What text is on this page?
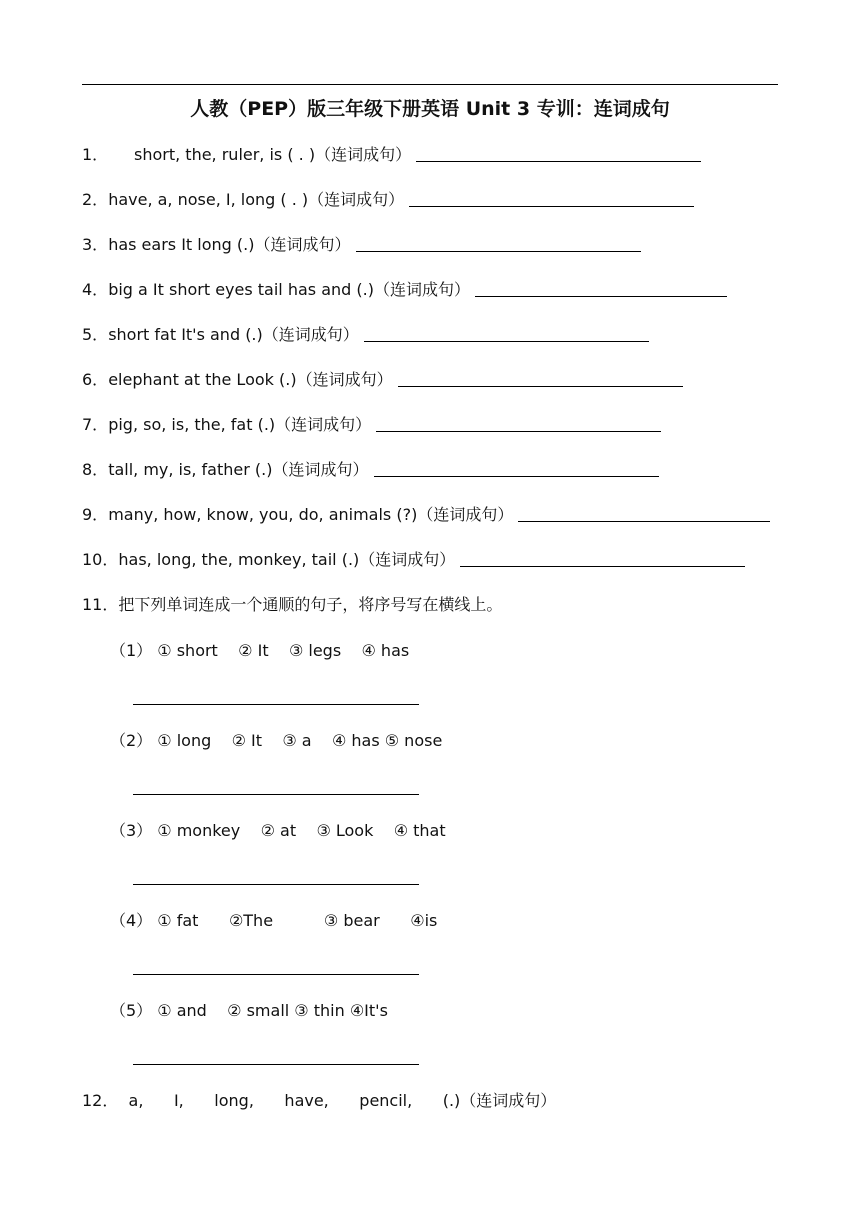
人教（PEP）版三年级下册英语 Unit 3 专训：连词成句
1． short, the, ruler, is ( . )（连词成句）
2．have, a, nose, I, long ( . )（连词成句）
3．has ears It long (.)（连词成句）
4．big a It short eyes tail has and (.)（连词成句）
5．short fat It's and (.)（连词成句）
6．elephant at the Look (.)（连词成句）
7．pig, so, is, the, fat (.)（连词成句）
8．tall, my, is, father (.)（连词成句）
9．many, how, know, you, do, animals (?)（连词成句）
10．has, long, the, monkey, tail (.)（连词成句）
11．把下列单词连成一个通顺的句子，将序号写在横线上。
（1） ① short ② It ③ legs ④ has
（2） ① long ② It ③ a ④ has ⑤ nose
（3） ① monkey ② at ③ Look ④ that
（4） ① fat ②The	③ bear ④is
（5） ① and ② small ③ thin ④It's
12． a, I, long, have, pencil, (.)（连词成句）
